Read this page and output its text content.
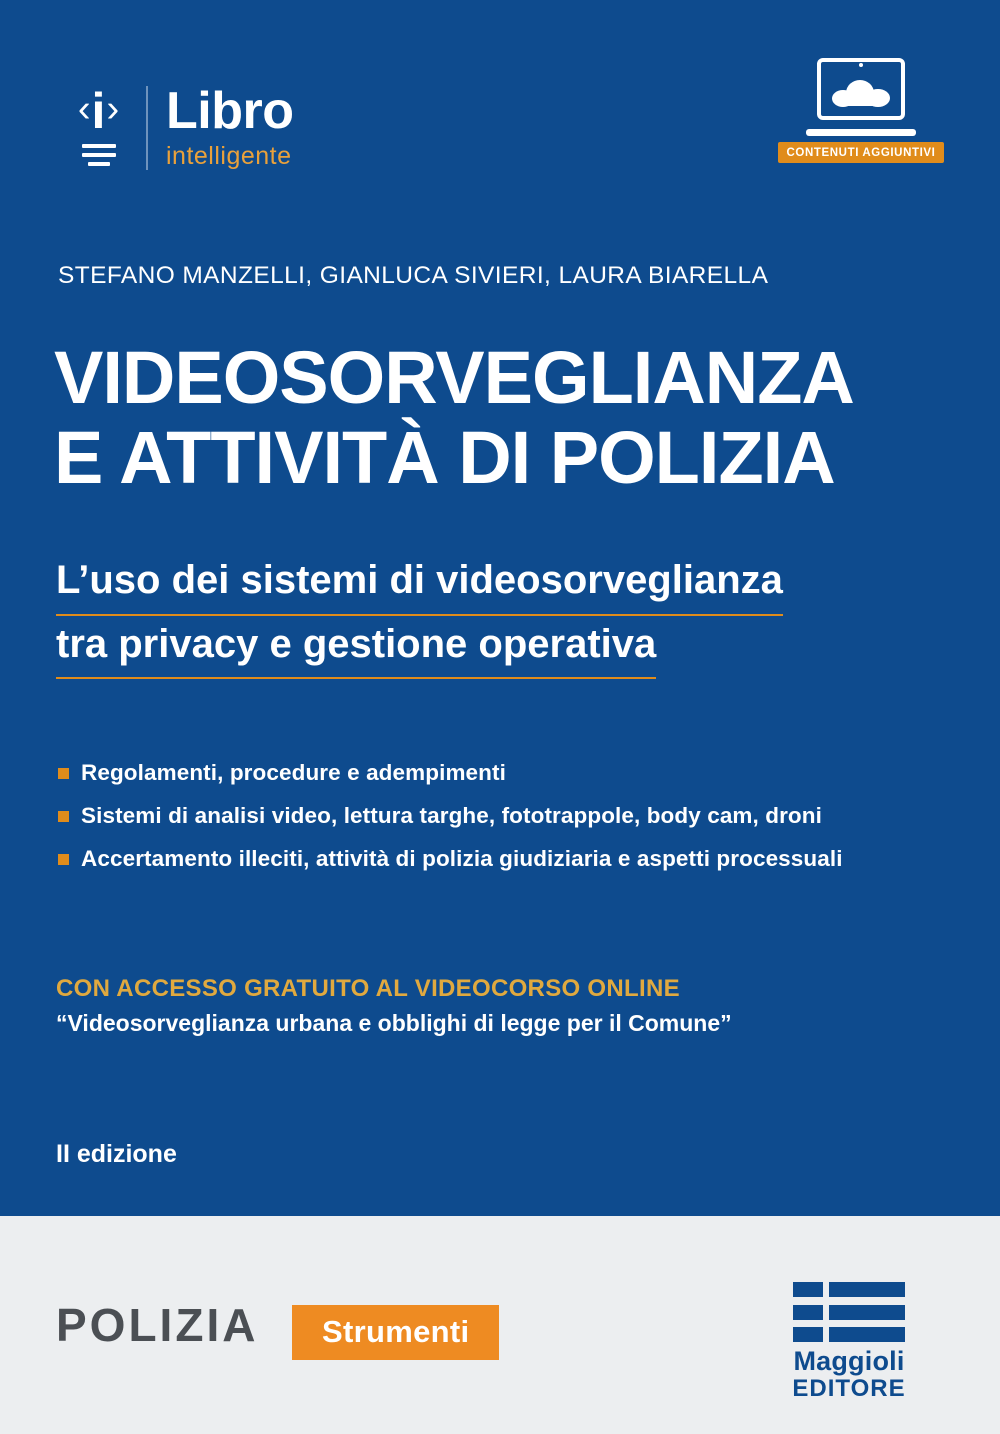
‹ i › Libro
intelligente	CONTENUTI AGGIUNTIVI
STEFANO MANZELLI, GIANLUCA SIVIERI, LAURA BIARELLA
VIDEOSORVEGLIANZA
E ATTIVITÀ DI POLIZIA
L’uso dei sistemi di videosorveglianza
tra privacy e gestione operativa
Regolamenti, procedure e adempimenti
Sistemi di analisi video, lettura targhe, fototrappole, body cam, droni
Accertamento illeciti, attività di polizia giudiziaria e aspetti processuali
CON ACCESSO GRATUITO AL VIDEOCORSO ONLINE
“Videosorveglianza urbana e obblighi di legge per il Comune”
II edizione
POLIZIA	Strumenti
Maggioli
EDITORE
